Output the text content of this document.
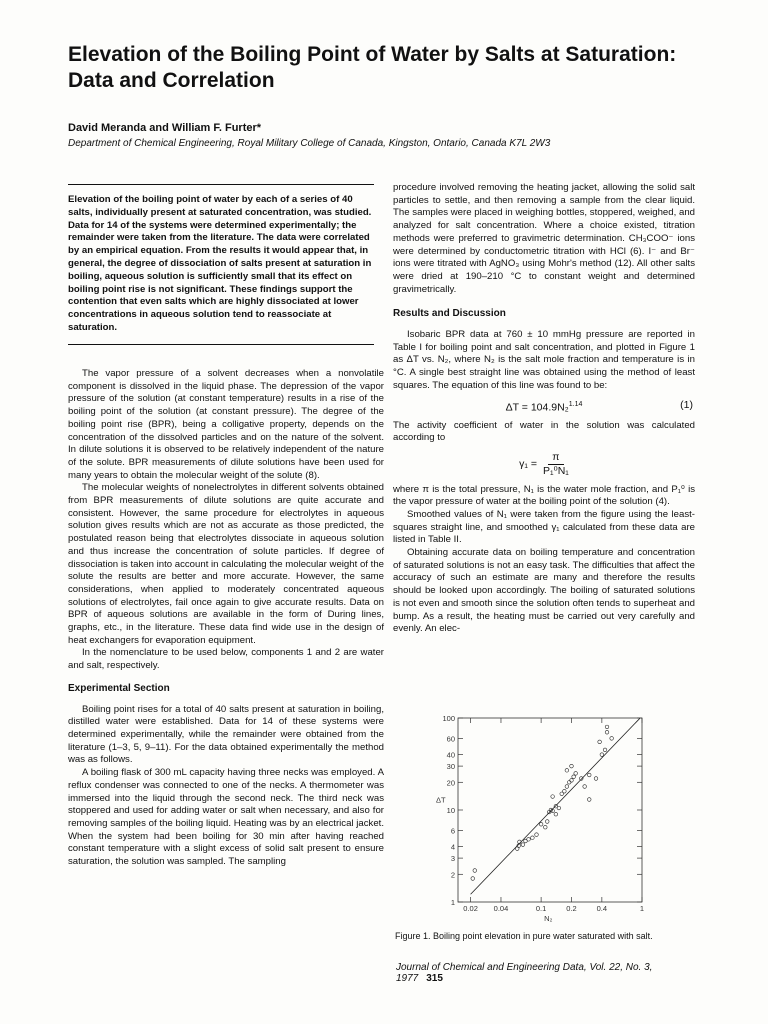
Elevation of the Boiling Point of Water by Salts at Saturation: Data and Correlation
David Meranda and William F. Furter*
Department of Chemical Engineering, Royal Military College of Canada, Kingston, Ontario, Canada K7L 2W3

Elevation of the boiling point of water by each of a series of 40 salts, individually present at saturated concentration, was studied. Data for 14 of the systems were determined experimentally; the remainder were taken from the literature. The data were correlated by an empirical equation. From the results it would appear that, in general, the degree of dissociation of salts present at saturation in boiling, aqueous solution is sufficiently small that its effect on boiling point rise is not significant. These findings support the contention that even salts which are highly dissociated at lower concentrations in aqueous solution tend to reassociate at saturation.

The vapor pressure of a solvent decreases when a nonvolatile component is dissolved in the liquid phase. The depression of the vapor pressure of the solution (at constant temperature) results in a rise of the boiling point of the solution (at constant pressure). The degree of the boiling point rise (BPR), being a colligative property, depends on the concentration of the dissolved particles and on the nature of the solvent. In dilute solutions it is observed to be relatively independent of the nature of the solute. BPR measurements of dilute solutions have been used for many years to obtain the molecular weight of the solute (8).

The molecular weights of nonelectrolytes in different solvents obtained from BPR measurements of dilute solutions are quite accurate and consistent. However, the same procedure for electrolytes in aqueous solution gives results which are not as accurate as those predicted, the postulated reason being that electrolytes dissociate in aqueous solution and thus increase the concentration of solute particles. If degree of dissociation is taken into account in calculating the molecular weight of the solute the results are better and more accurate. However, the same considerations, when applied to moderately concentrated aqueous solutions of electrolytes, fail once again to give accurate results. Data on BPR of aqueous solutions are available in the form of During lines, graphs, etc., in the literature. These data find wide use in the design of heat exchangers for evaporation equipment.

In the nomenclature to be used below, components 1 and 2 are water and salt, respectively.

Experimental Section

Boiling point rises for a total of 40 salts present at saturation in boiling, distilled water were established. Data for 14 of these systems were determined experimentally, while the remainder were obtained from the literature (1–3, 5, 9–11). For the data obtained experimentally the method was as follows.

A boiling flask of 300 mL capacity having three necks was employed. A reflux condenser was connected to one of the necks. A thermometer was immersed into the liquid through the second neck. The third neck was stoppered and used for adding water or salt when necessary, and also for removing samples of the boiling liquid. Heating was by an electrical jacket. When the system had been boiling for 30 min after having reached constant temperature with a slight excess of solid salt present to ensure saturation, the solution was sampled. The sampling

procedure involved removing the heating jacket, allowing the solid salt particles to settle, and then removing a sample from the clear liquid. The samples were placed in weighing bottles, stoppered, weighed, and analyzed for salt concentration. Where a choice existed, titration methods were preferred to gravimetric determination. CH₃COO⁻ ions were determined by conductometric titration with HCl (6). I⁻ and Br⁻ ions were titrated with AgNO₃ using Mohr's method (12). All other salts were dried at 190–210 °C to constant weight and determined gravimetrically.

Results and Discussion

Isobaric BPR data at 760 ± 10 mmHg pressure are reported in Table I for boiling point and salt concentration, and plotted in Figure 1 as ΔT vs. N₂, where N₂ is the salt mole fraction and temperature is in °C. A single best straight line was obtained using the method of least squares. The equation of this line was found to be:

ΔT = 104.9N₂$^{1.14}$	(1)

The activity coefficient of water in the solution was calculated according to

$\gamma_1 = \frac{\pi}{\text{P₁⁰N₁}}$

where π is the total pressure, N₁ is the water mole fraction, and P₁⁰ is the vapor pressure of water at the boiling point of the solution (4).

Smoothed values of N₁ were taken from the figure using the least-squares straight line, and smoothed γ₁ calculated from these data are listed in Table II.

Obtaining accurate data on boiling temperature and concentration of saturated solutions is not an easy task. The difficulties that affect the accuracy of such an estimate are many and therefore the results should be looked upon accordingly. The boiling of saturated solutions is not even and smooth since the solution often tends to superheat and bump. As a result, the heating must be carried out very carefully and evenly. An elec-

100
60
40
30
20
10
6
4
3
2
1
0.02 0.04	0.1	0.2	0.4	1
N₂
ΔT
Figure 1. Boiling point elevation in pure water saturated with salt.
Journal of Chemical and Engineering Data, Vol. 22, No. 3, 1977 315
